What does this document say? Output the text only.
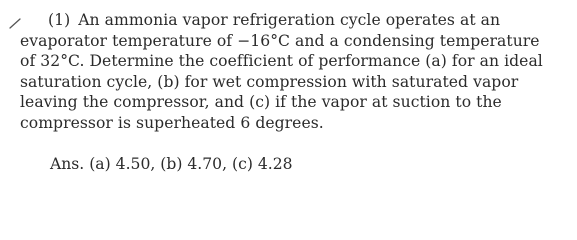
(1) An ammonia vapor refrigeration cycle operates at an
evaporator temperature of −16°C and a condensing temperature
of 32°C. Determine the coefficient of performance (a) for an ideal
saturation cycle, (b) for wet compression with saturated vapor
leaving the compressor, and (c) if the vapor at suction to the
compressor is superheated 6 degrees.
Ans. (a) 4.50, (b) 4.70, (c) 4.28
